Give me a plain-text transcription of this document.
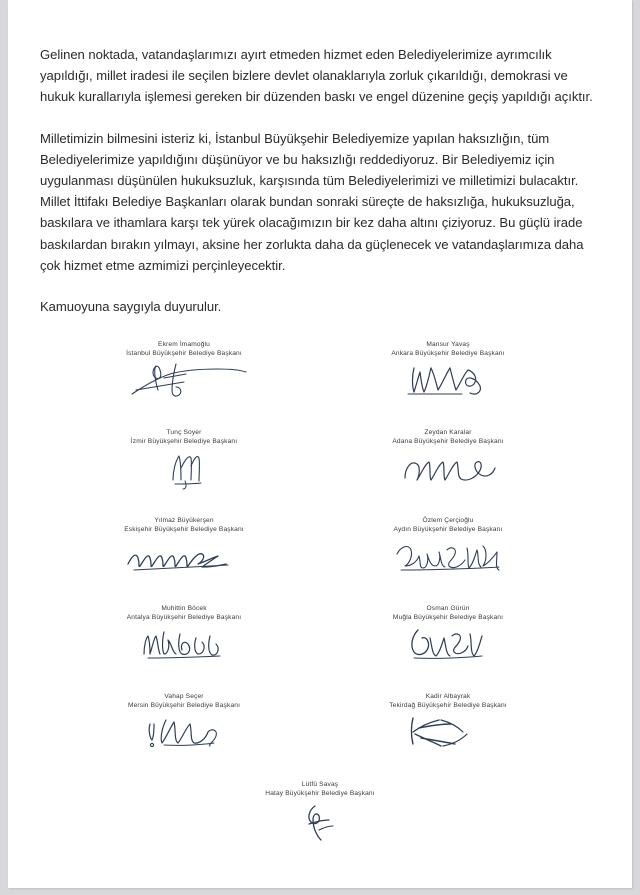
Gelinen noktada, vatandaşlarımızı ayırt etmeden hizmet eden Belediyelerimize ayrımcılık yapıldığı, millet iradesi ile seçilen bizlere devlet olanaklarıyla zorluk çıkarıldığı, demokrasi ve hukuk kurallarıyla işlemesi gereken bir düzenden baskı ve engel düzenine geçiş yapıldığı açıktır.

Milletimizin bilmesini isteriz ki, İstanbul Büyükşehir Belediyemize yapılan haksızlığın, tüm Belediyelerimize yapıldığını düşünüyor ve bu haksızlığı reddediyoruz. Bir Belediyemiz için uygulanması düşünülen hukuksuzluk, karşısında tüm Belediyelerimizi ve milletimizi bulacaktır. Millet İttifakı Belediye Başkanları olarak bundan sonraki süreçte de haksızlığa, hukuksuzluğa, baskılara ve ithamlara karşı tek yürek olacağımızın bir kez daha altını çiziyoruz. Bu güçlü irade baskılardan bırakın yılmayı, aksine her zorlukta daha da güçlenecek ve vatandaşlarımıza daha çok hizmet etme azmimizi perçinleyecektir.

Kamuoyuna saygıyla duyurulur.

Ekrem İmamoğlu
İstanbul Büyükşehir Belediye Başkanı
Mansur Yavaş
Ankara Büyükşehir Belediye Başkanı
Tunç Soyer
İzmir Büyükşehir Belediye Başkanı
Zeydan Karalar
Adana Büyükşehir Belediye Başkanı
Yılmaz Büyükerşen
Eskişehir Büyükşehir Belediye Başkanı
Özlem Çerçioğlu
Aydın Büyükşehir Belediye Başkanı
Muhittin Böcek
Antalya Büyükşehir Belediye Başkanı
Osman Gürün
Muğla Büyükşehir Belediye Başkanı
Vahap Seçer
Mersin Büyükşehir Belediye Başkanı
Kadir Albayrak
Tekirdağ Büyükşehir Belediye Başkanı
Lütfü Savaş
Hatay Büyükşehir Belediye Başkanı
